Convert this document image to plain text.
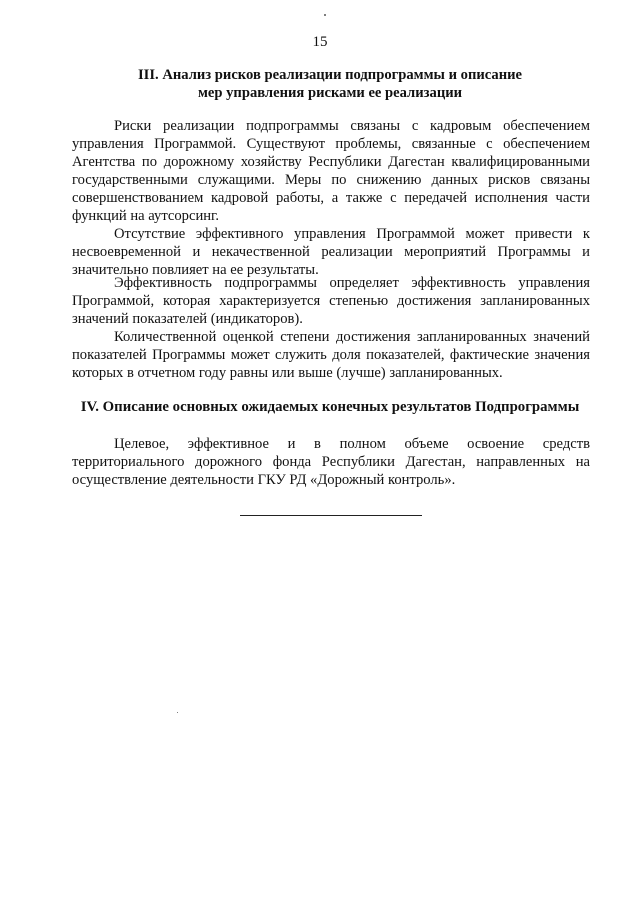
15
III. Анализ рисков реализации подпрограммы и описание
мер управления рисками ее реализации

Риски реализации подпрограммы связаны с кадровым обеспечением управления Программой. Существуют проблемы, связанные с обеспечением Агентства по дорожному хозяйству Республики Дагестан квалифицированными государственными служащими. Меры по снижению данных рисков связаны совершенствованием кадровой работы, а также с передачей исполнения части функций на аутсорсинг.

Отсутствие эффективного управления Программой может привести к несвоевременной и некачественной реализации мероприятий Программы и значительно повлияет на ее результаты.

Эффективность подпрограммы определяет эффективность управления Программой, которая характеризуется степенью достижения запланированных значений показателей (индикаторов).

Количественной оценкой степени достижения запланированных значений показателей Программы может служить доля показателей, фактические значения которых в отчетном году равны или выше (лучше) запланированных.

IV. Описание основных ожидаемых конечных результатов Подпрограммы

Целевое, эффективное и в полном объеме освоение средств территориального дорожного фонда Республики Дагестан, направленных на осуществление деятельности ГКУ РД «Дорожный контроль».
